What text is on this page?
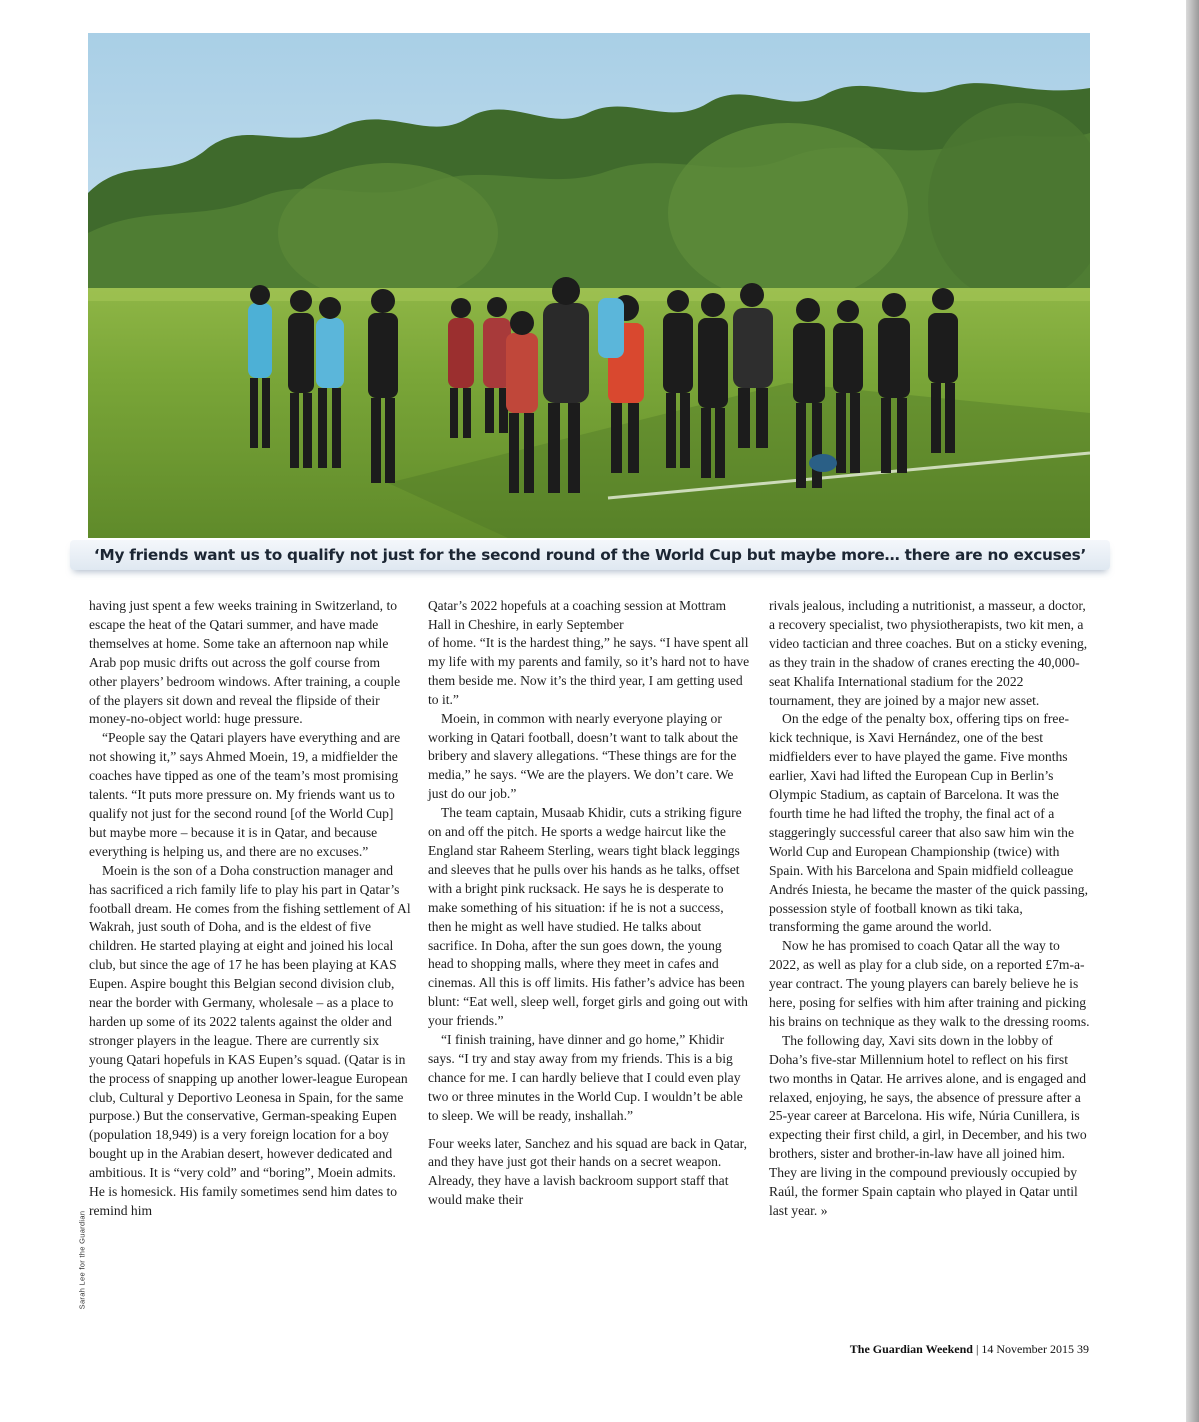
‘My friends want us to qualify not just for the second round of the World Cup but maybe more… there are no excuses’

having just spent a few weeks training in Switzerland, to escape the heat of the Qatari summer, and have made themselves at home. Some take an afternoon nap while Arab pop music drifts out across the golf course from other players’ bedroom windows. After training, a couple of the players sit down and reveal the flipside of their money-no-object world: huge pressure.

“People say the Qatari players have everything and are not showing it,” says Ahmed Moein, 19, a midfielder the coaches have tipped as one of the team’s most promising talents. “It puts more pressure on. My friends want us to qualify not just for the second round [of the World Cup] but maybe more – because it is in Qatar, and because everything is helping us, and there are no excuses.”

Moein is the son of a Doha construction manager and has sacrificed a rich family life to play his part in Qatar’s football dream. He comes from the fishing settlement of Al Wakrah, just south of Doha, and is the eldest of five children. He started playing at eight and joined his local club, but since the age of 17 he has been playing at KAS Eupen. Aspire bought this Belgian second division club, near the border with Germany, wholesale – as a place to harden up some of its 2022 talents against the older and stronger players in the league. There are currently six young Qatari hopefuls in KAS Eupen’s squad. (Qatar is in the process of snapping up another lower-league European club, Cultural y Deportivo Leonesa in Spain, for the same purpose.) But the conservative, German-speaking Eupen (population 18,949) is a very foreign location for a boy bought up in the Arabian desert, however dedicated and ambitious. It is “very cold” and “boring”, Moein admits. He is homesick. His family sometimes send him dates to remind him

Qatar’s 2022 hopefuls at a coaching session at Mottram Hall in Cheshire, in early September

of home. “It is the hardest thing,” he says. “I have spent all my life with my parents and family, so it’s hard not to have them beside me. Now it’s the third year, I am getting used to it.”

Moein, in common with nearly everyone playing or working in Qatari football, doesn’t want to talk about the bribery and slavery allegations. “These things are for the media,” he says. “We are the players. We don’t care. We just do our job.”

The team captain, Musaab Khidir, cuts a striking figure on and off the pitch. He sports a wedge haircut like the England star Raheem Sterling, wears tight black leggings and sleeves that he pulls over his hands as he talks, offset with a bright pink rucksack. He says he is desperate to make something of his situation: if he is not a success, then he might as well have studied. He talks about sacrifice. In Doha, after the sun goes down, the young head to shopping malls, where they meet in cafes and cinemas. All this is off limits. His father’s advice has been blunt: “Eat well, sleep well, forget girls and going out with your friends.”

“I finish training, have dinner and go home,” Khidir says. “I try and stay away from my friends. This is a big chance for me. I can hardly believe that I could even play two or three minutes in the World Cup. I wouldn’t be able to sleep. We will be ready, inshallah.”

Four weeks later, Sanchez and his squad are back in Qatar, and they have just got their hands on a secret weapon. Already, they have a lavish backroom support staff that would make their

rivals jealous, including a nutritionist, a masseur, a doctor, a recovery specialist, two physiotherapists, two kit men, a video tactician and three coaches. But on a sticky evening, as they train in the shadow of cranes erecting the 40,000-seat Khalifa International stadium for the 2022 tournament, they are joined by a major new asset.

On the edge of the penalty box, offering tips on free-kick technique, is Xavi Hernández, one of the best midfielders ever to have played the game. Five months earlier, Xavi had lifted the European Cup in Berlin’s Olympic Stadium, as captain of Barcelona. It was the fourth time he had lifted the trophy, the final act of a staggeringly successful career that also saw him win the World Cup and European Championship (twice) with Spain. With his Barcelona and Spain midfield colleague Andrés Iniesta, he became the master of the quick passing, possession style of football known as tiki taka, transforming the game around the world.

Now he has promised to coach Qatar all the way to 2022, as well as play for a club side, on a reported £7m-a-year contract. The young players can barely believe he is here, posing for selfies with him after training and picking his brains on technique as they walk to the dressing rooms.

The following day, Xavi sits down in the lobby of Doha’s five-star Millennium hotel to reflect on his first two months in Qatar. He arrives alone, and is engaged and relaxed, enjoying, he says, the absence of pressure after a 25-year career at Barcelona. His wife, Núria Cunillera, is expecting their first child, a girl, in December, and his two brothers, sister and brother-in-law have all joined him. They are living in the compound previously occupied by Raúl, the former Spain captain who played in Qatar until last year. »

Sarah Lee for the Guardian
The Guardian Weekend | 14 November 2015 39
